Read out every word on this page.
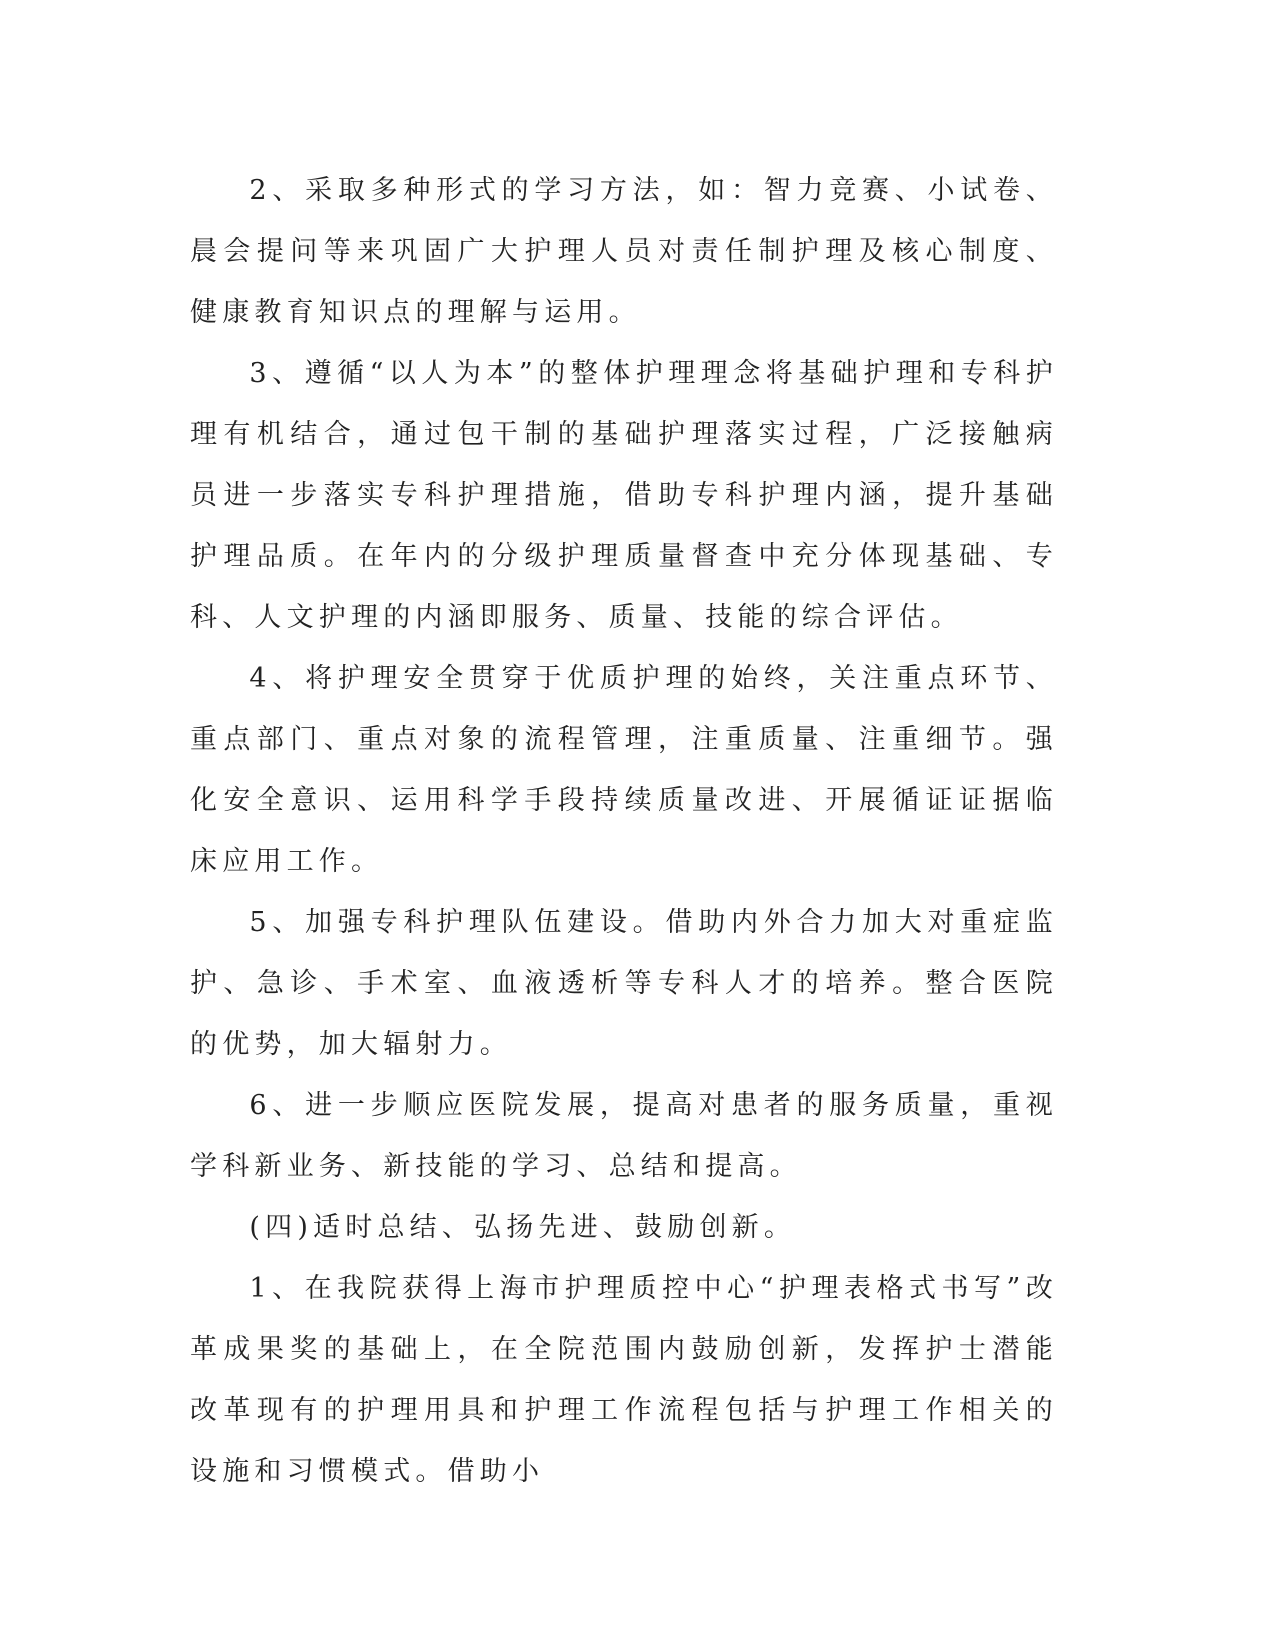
2、采取多种形式的学习方法，如：智力竞赛、小试卷、晨会提问等来巩固广大护理人员对责任制护理及核心制度、健康教育知识点的理解与运用。

3、遵循“以人为本”的整体护理理念将基础护理和专科护理有机结合，通过包干制的基础护理落实过程，广泛接触病员进一步落实专科护理措施，借助专科护理内涵，提升基础护理品质。在年内的分级护理质量督查中充分体现基础、专科、人文护理的内涵即服务、质量、技能的综合评估。

4、将护理安全贯穿于优质护理的始终，关注重点环节、重点部门、重点对象的流程管理，注重质量、注重细节。强化安全意识、运用科学手段持续质量改进、开展循证证据临床应用工作。

5、加强专科护理队伍建设。借助内外合力加大对重症监护、急诊、手术室、血液透析等专科人才的培养。整合医院的优势，加大辐射力。

6、进一步顺应医院发展，提高对患者的服务质量，重视学科新业务、新技能的学习、总结和提高。

(四)适时总结、弘扬先进、鼓励创新。

1、在我院获得上海市护理质控中心“护理表格式书写”改革成果奖的基础上，在全院范围内鼓励创新，发挥护士潜能改革现有的护理用具和护理工作流程包括与护理工作相关的设施和习惯模式。借助小
